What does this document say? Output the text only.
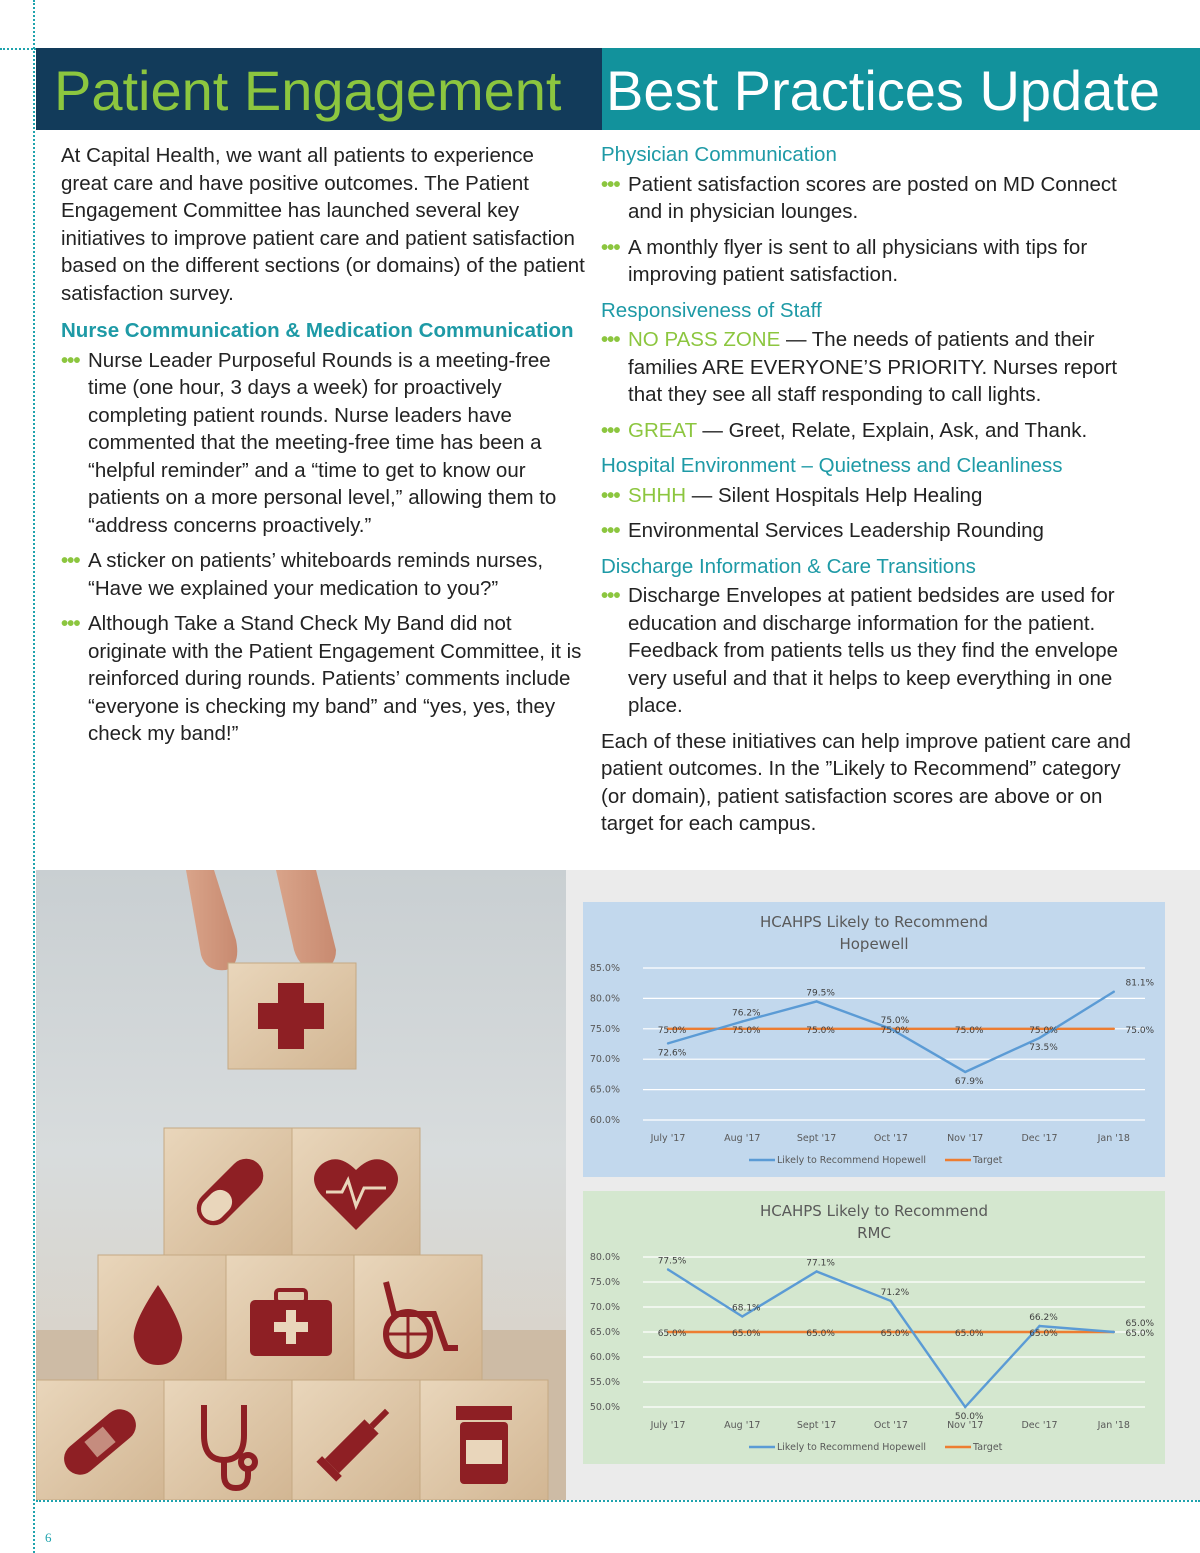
Patient Engagement Best Practices Update

At Capital Health, we want all patients to experience great care and have positive outcomes. The Patient Engagement Committee has launched several key initiatives to improve patient care and patient satisfaction based on the different sections (or domains) of the patient satisfaction survey.

Nurse Communication & Medication Communication
••• Nurse Leader Purposeful Rounds is a meeting-free time (one hour, 3 days a week) for proactively completing patient rounds. Nurse leaders have commented that the meeting-free time has been a “helpful reminder” and a “time to get to know our patients on a more personal level,” allowing them to “address concerns proactively.”
••• A sticker on patients’ whiteboards reminds nurses, “Have we explained your medication to you?”
••• Although Take a Stand Check My Band did not originate with the Patient Engagement Committee, it is reinforced during rounds. Patients’ comments include “everyone is checking my band” and “yes, yes, they check my band!”
Physician Communication
••• Patient satisfaction scores are posted on MD Connect and in physician lounges.
••• A monthly flyer is sent to all physicians with tips for improving patient satisfaction.
Responsiveness of Staff
••• NO PASS ZONE — The needs of patients and their families ARE EVERYONE’S PRIORITY. Nurses report that they see all staff responding to call lights.
••• GREAT — Greet, Relate, Explain, Ask, and Thank.
Hospital Environment – Quietness and Cleanliness
••• SHHH — Silent Hospitals Help Healing
••• Environmental Services Leadership Rounding
Discharge Information & Care Transitions
••• Discharge Envelopes at patient bedsides are used for education and discharge information for the patient. Feedback from patients tells us they find the envelope very useful and that it helps to keep everything in one place.

Each of these initiatives can help improve patient care and patient outcomes. In the ”Likely to Recommend” category (or domain), patient satisfaction scores are above or on target for each campus.

HCAHPS Likely to Recommend
Hopewell
85.0%
80.0%
75.0%
70.0%
65.0%
60.0%
July '17	Aug '17	Sept '17	Oct '17	Nov '17	Dec '17	Jan '18
72.6%
76.2%
79.5%
75.0%
67.9%
73.5%
81.1%
75.0%	75.0%	75.0%	75.0%	75.0%	75.0%	75.0%
Likely to Recommend Hopewell	Target
HCAHPS Likely to Recommend
RMC
80.0%
75.0%
70.0%
65.0%
60.0%
55.0%
50.0%
July '17	Aug '17	Sept '17	Oct '17	Nov '17	Dec '17	Jan '18
77.5%
68.1%
77.1%
71.2%
50.0%
66.2%
65.0%
65.0%	65.0%	65.0%	65.0%	65.0%	65.0%	65.0%
Likely to Recommend Hopewell	Target
6
